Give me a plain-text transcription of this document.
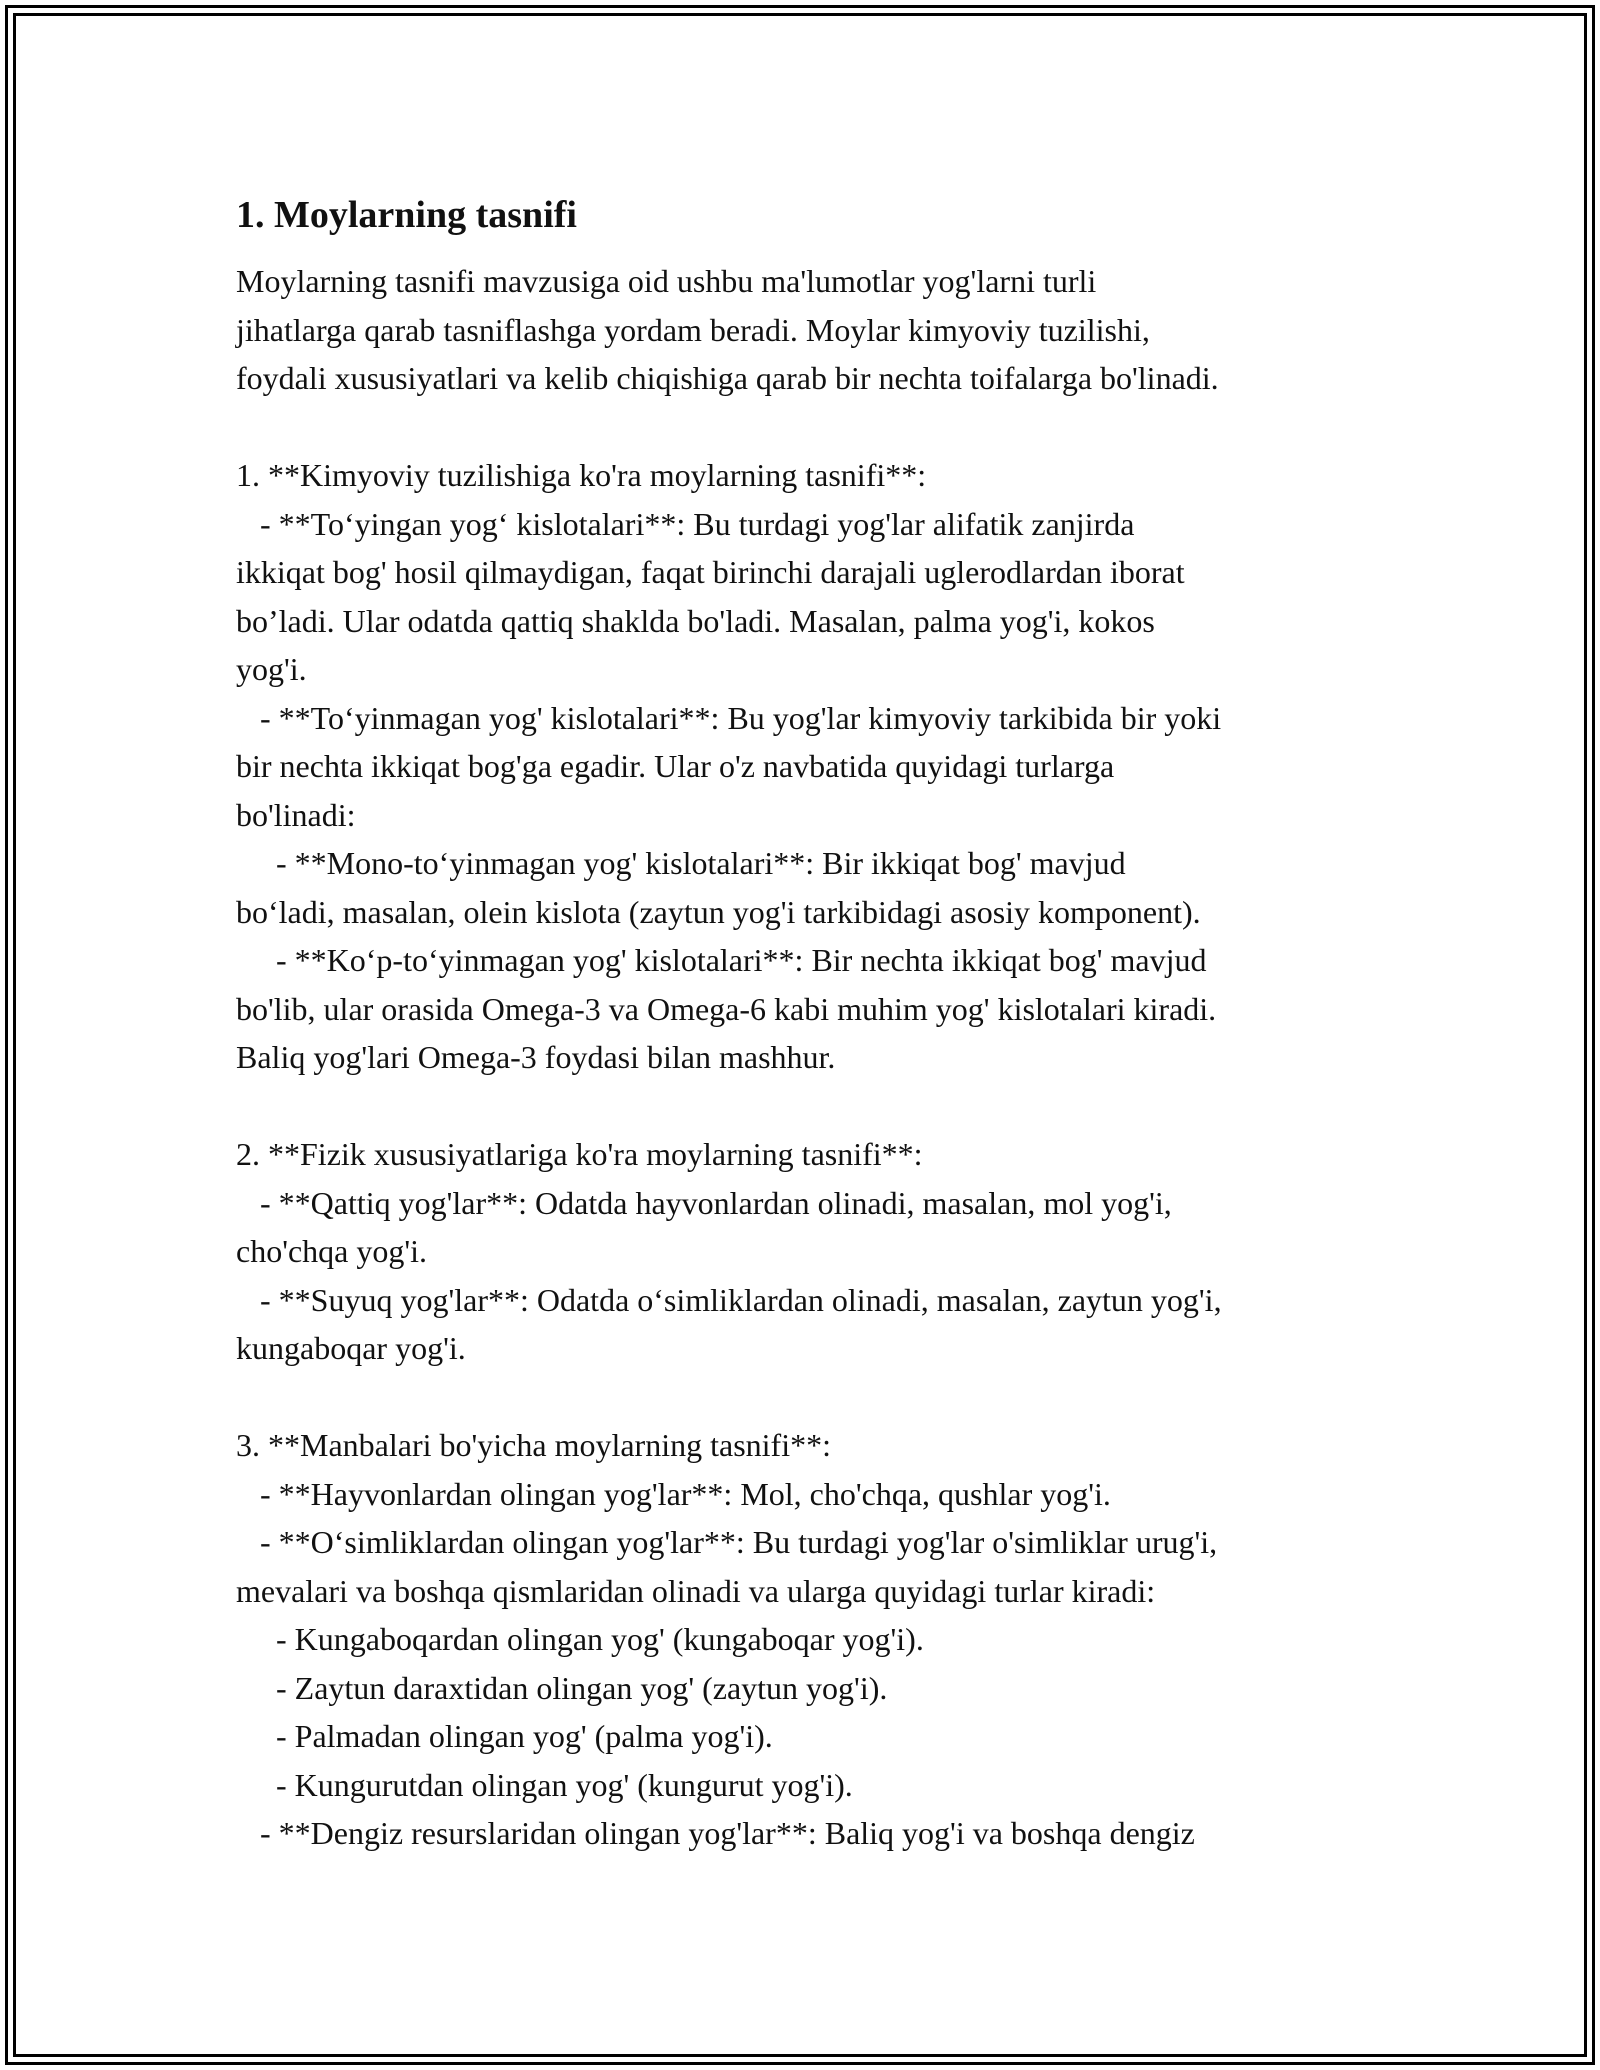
1. Moylarning tasnifi
Moylarning tasnifi mavzusiga oid ushbu ma'lumotlar yog'larni turli
jihatlarga qarab tasniflashga yordam beradi. Moylar kimyoviy tuzilishi,
foydali xususiyatlari va kelib chiqishiga qarab bir nechta toifalarga bo'linadi.
1. **Kimyoviy tuzilishiga ko'ra moylarning tasnifi**:
- **To‘yingan yog‘ kislotalari**: Bu turdagi yog'lar alifatik zanjirda
ikkiqat bog' hosil qilmaydigan, faqat birinchi darajali uglerodlardan iborat
bo’ladi. Ular odatda qattiq shaklda bo'ladi. Masalan, palma yog'i, kokos
yog'i.
- **To‘yinmagan yog' kislotalari**: Bu yog'lar kimyoviy tarkibida bir yoki
bir nechta ikkiqat bog'ga egadir. Ular o'z navbatida quyidagi turlarga
bo'linadi:
- **Mono-to‘yinmagan yog' kislotalari**: Bir ikkiqat bog' mavjud
bo‘ladi, masalan, olein kislota (zaytun yog'i tarkibidagi asosiy komponent).
- **Ko‘p-to‘yinmagan yog' kislotalari**: Bir nechta ikkiqat bog' mavjud
bo'lib, ular orasida Omega-3 va Omega-6 kabi muhim yog' kislotalari kiradi.
Baliq yog'lari Omega-3 foydasi bilan mashhur.
2. **Fizik xususiyatlariga ko'ra moylarning tasnifi**:
- **Qattiq yog'lar**: Odatda hayvonlardan olinadi, masalan, mol yog'i,
cho'chqa yog'i.
- **Suyuq yog'lar**: Odatda o‘simliklardan olinadi, masalan, zaytun yog'i,
kungaboqar yog'i.
3. **Manbalari bo'yicha moylarning tasnifi**:
- **Hayvonlardan olingan yog'lar**: Mol, cho'chqa, qushlar yog'i.
- **O‘simliklardan olingan yog'lar**: Bu turdagi yog'lar o'simliklar urug'i,
mevalari va boshqa qismlaridan olinadi va ularga quyidagi turlar kiradi:
- Kungaboqardan olingan yog' (kungaboqar yog'i).
- Zaytun daraxtidan olingan yog' (zaytun yog'i).
- Palmadan olingan yog' (palma yog'i).
- Kungurutdan olingan yog' (kungurut yog'i).
- **Dengiz resurslaridan olingan yog'lar**: Baliq yog'i va boshqa dengiz
